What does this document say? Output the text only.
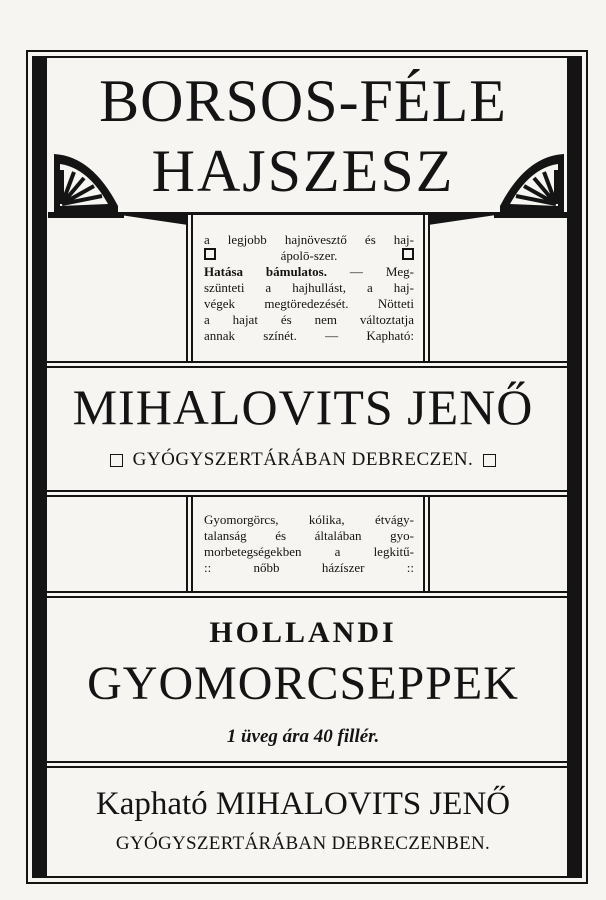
BORSOS-FÉLE
HAJSZESZ
a legjobb hajnövesztő és haj-
ápolō-szer.
Hatása bámulatos. — Meg-
szünteti a hajhullást, a haj-
végek megtöredezését. Nötteti
a hajat és nem változtatja
annak színét. — Kapható:
MIHALOVITS JENŐ
GYÓGYSZERTÁRÁBAN DEBRECZEN.
Gyomorgörcs, kólika, étvágy-
talanság és általában gyo-
morbetegségekben	a	legkitű-
::	nőbb	házíszer	::
HOLLANDI
GYOMORCSEPPEK
1 üveg ára 40 fillér.
Kapható MIHALOVITS JENŐ
GYÓGYSZERTÁRÁBAN DEBRECZENBEN.
